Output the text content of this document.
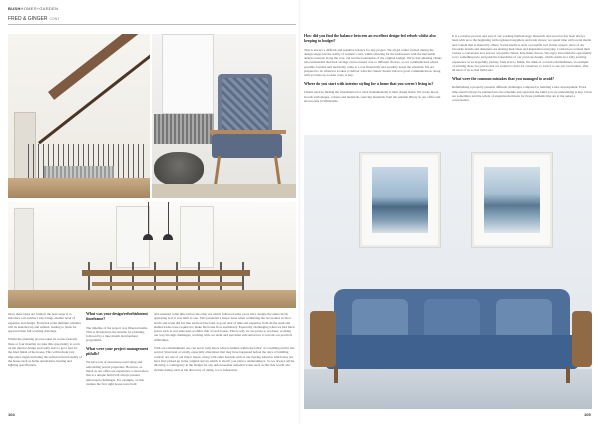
BUSHHOMES+GARDEN
FRED & GINGER CONT

How did you find the balance between an excellent design-led refurb whilst also keeping to budget?

This is always a difficult and sensitive balance for any project. We all get rather excited during the design stages but the reality of realistic costs, whilst allowing for the unforeseen with the inevitable design overruns along the way, can test the boundaries of the original budget. We've had amazing clients who understand that their savings can be turned over to different choices, so we communicated where possible, but this still inevitably came at a cost financially and possibly needs the schedule. We are prepared to do whatever it takes to deliver what the clients' dream vision is good communication, along with accurate up-to-date costs, is key.

Where do you start with interior styling for a home that you weren't living in?

Clients tend be finding the visualisation for what fundamentally is their dream home. We create mood boards with shapes, colours and materials, sourcing materials from the suitable library in our office and showrooms in Whitstable.

It is a creative process and part of our working methodology. Research and resource has been always been with us to the beginning with registered suppliers and trade shows; we spend time with social media and content that is shared by others. Social media is such a powerful tool in that respect, most of our favourite brands and designers are sharing their ideas and inspiration everyday. Contractors worked their visions a conversion tool and we can guide clients, help them choose. We enjoy and relish the opportunity to try something new and push the boundaries of our previous design, which results in a truly exciting experience as we hopefully journey from start to finish. We think of a recent refurbishment, an example of printing those two pieces that we wanted to have for ourselves, to look it to see our own homes, after all most of us as that build sets.

What were the common mistakes that you managed to avoid?

Refurbishing a property presents different challenges compared to building a new development. Extra time should always be planned into the schedule and open that the build you are undertaking is key. Crisis are sometimes and the whole of enquiries/decisions for those problems that are at the outset a conversation.

Once these ideas are formed, the next stage is to introduce our architect who brings another level of expertise and design. From that point multiple schemes will be sketched up and refined, leading to plans for approval then full working drawings.

Whilst the planning process takes its course (usually three or four months) we take this opportunity to work on the interior design and really start to get a feel for the final finish of the house. This will include very important stages including the technical functionality of the house such as home automation, heating and lighting specification.

What was your design/refurbishment timeframe?

The timeline of the project was fifteen months. This is divided into the months for planning, followed by a nine month development programme.

What were your project management pitfalls?

We have lots of experience renovating and remodeling period properties. However, as much as our office are experience a renovation; this is a unique build will always present unforeseen challenges. For example, on this venture the first right house were built

and rendered some time before the other era which followed some years later, despite the entire block appearing as if it was built as one. This presented a major issue when combining the two homes as floor levels and walls did not line and level the land. A good deal of time and expertise from all the team and skilled trades were required to make the house flow seamlessly. Especially challenging when we had fixed prices such as wet staircases at either side of each house. This is why we are prone to set dates, working our way through challenges, working with our team and specialist subcontractors to rework our practical difficulties.

With our refurbishment one can never truly know what is hidden within the fabric of a building until it has served. Structural or totally, especially alterations that may have happened before the days of building control; are one of our major issues, along with other hazards such as uncovering asbestos which may not have first picked up in the original survey which is vital if you plan to undertaking it. So we always advise allowing a contingency in the budget for any unforeseeable remedial works such as this that would also include dating such as the discovery of damp, rot or infestation.

104	105
